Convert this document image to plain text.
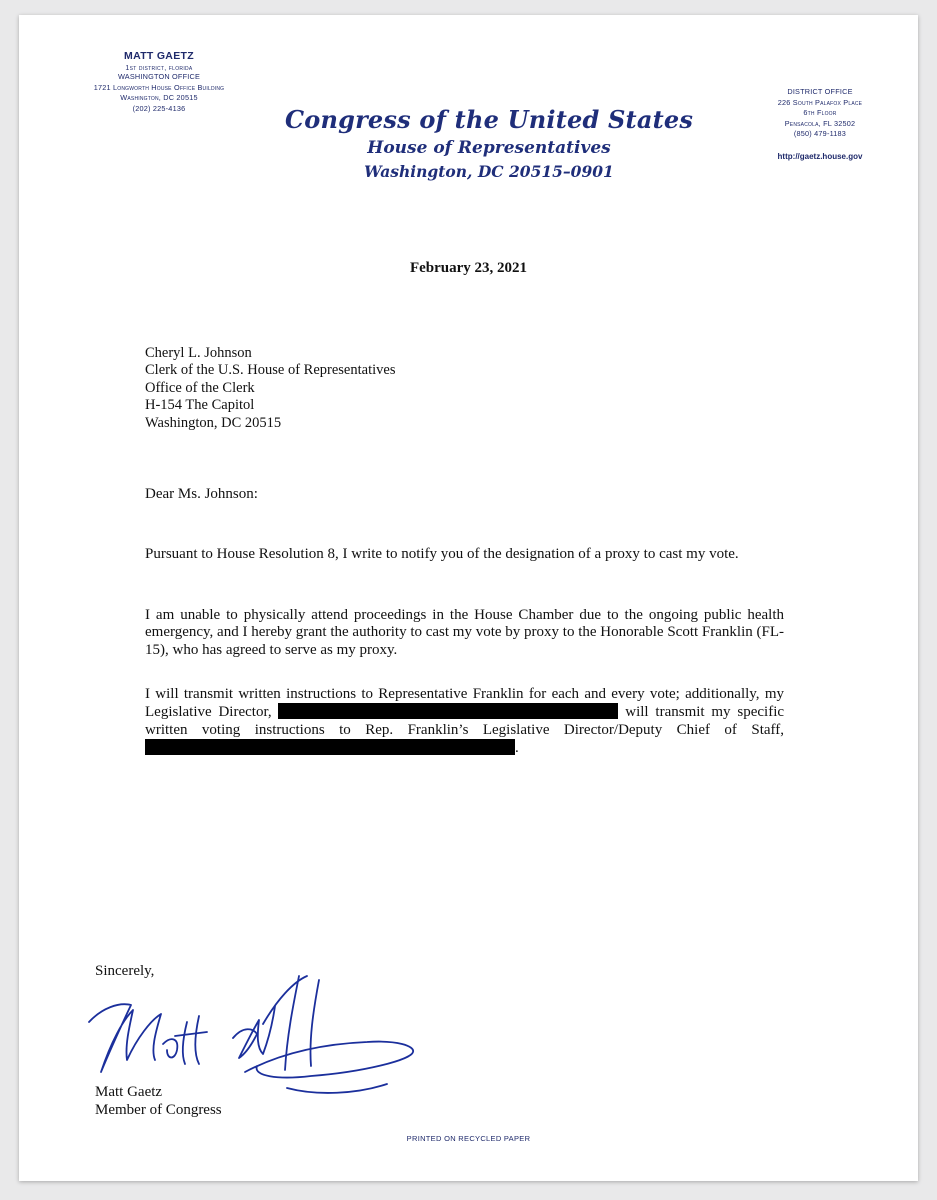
MATT GAETZ
1st district, florida
WASHINGTON OFFICE
1721 Longworth House Office Building
Washington, DC 20515
(202) 225-4136	Congress of the United States
House of Representatives
Washington, DC 20515–0901
DISTRICT OFFICE
226 South Palafox Place
6th Floor
Pensacola, FL 32502
(850) 479-1183
http://gaetz.house.gov
February 23, 2021
Cheryl L. Johnson
Clerk of the U.S. House of Representatives
Office of the Clerk
H-154 The Capitol
Washington, DC 20515
Dear Ms. Johnson:
Pursuant to House Resolution 8, I write to notify you of the designation of a proxy to cast my vote.
I am unable to physically attend proceedings in the House Chamber due to the ongoing public health emergency, and I hereby grant the authority to cast my vote by proxy to the Honorable Scott Franklin (FL-15), who has agreed to serve as my proxy.
I will transmit written instructions to Representative Franklin for each and every vote; additionally, my Legislative Director,	will transmit my specific written voting instructions to Rep. Franklin’s Legislative Director/Deputy Chief of Staff,.
Sincerely,
Matt Gaetz
Member of Congress
PRINTED ON RECYCLED PAPER
